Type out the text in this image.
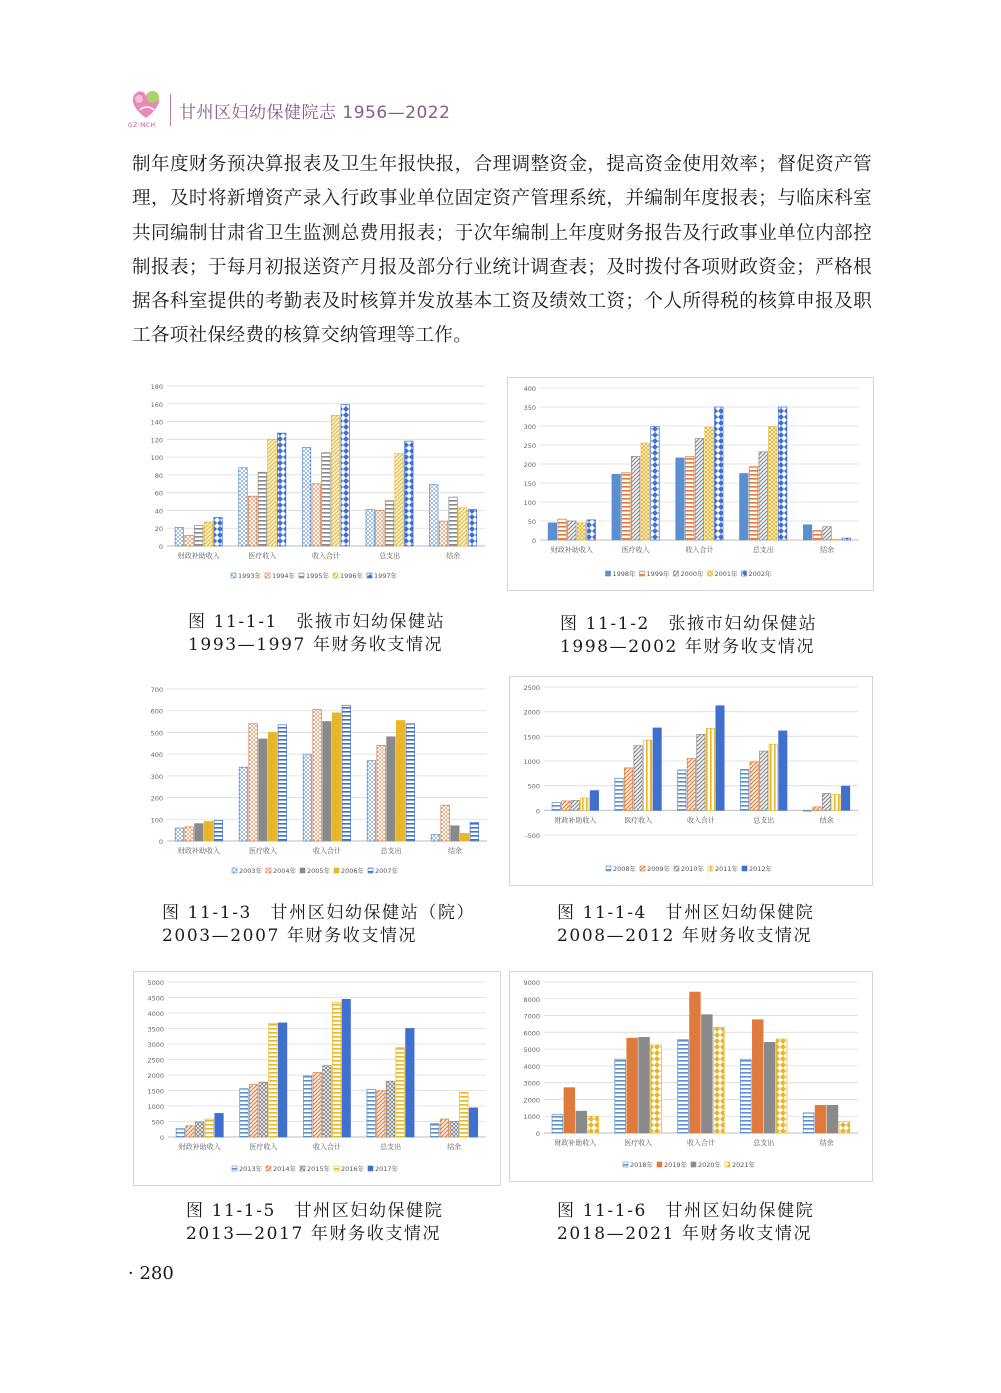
GZ·MCH
甘州区妇幼保健院志 1956—2022

制年度财务预决算报表及卫生年报快报，合理调整资金，提高资金使用效率；督促资产管理，及时将新增资产录入行政事业单位固定资产管理系统，并编制年度报表；与临床科室共同编制甘肃省卫生监测总费用报表；于次年编制上年度财务报告及行政事业单位内部控制报表；于每月初报送资产月报及部分行业统计调查表；及时拨付各项财政资金；严格根据各科室提供的考勤表及时核算并发放基本工资及绩效工资；个人所得税的核算申报及职工各项社保经费的核算交纳管理等工作。

0
20
40
60
80
100
120
140
160
180
财政补助收入	医疗收入	收入合计	总支出	结余
1993年 1994年 1995年 1996年 1997年
0
50
100
150
200
250
300
350
400
财政补助收入	医疗收入	收入合计	总支出	结余
1998年 1999年 2000年 2001年 2002年
0
100
200
300
400
500
600
700
财政补助收入	医疗收入	收入合计	总支出	结余
2003年 2004年 2005年 2006年 2007年
-500
0
500
1000
1500
2000
2500
财政补助收入	医疗收入	收入合计	总支出	结余
2008年 2009年 2010年 2011年 2012年
0
500
1000
1500
2000
2500
3000
3500
4000
4500
5000
财政补助收入	医疗收入	收入合计	总支出	结余
2013年 2014年 2015年 2016年 2017年
0
1000
2000
3000
4000
5000
6000
7000
8000
9000
财政补助收入	医疗收入	收入合计	总支出	结余
2018年 2019年 2020年 2021年
图 11-1-1　张掖市妇幼保健站
1993—1997 年财务收支情况
图 11-1-2　张掖市妇幼保健站
1998—2002 年财务收支情况
图 11-1-3　甘州区妇幼保健站（院）
2003—2007 年财务收支情况
图 11-1-4　甘州区妇幼保健院
2008—2012 年财务收支情况
图 11-1-5　甘州区妇幼保健院
2013—2017 年财务收支情况
图 11-1-6　甘州区妇幼保健院
2018—2021 年财务收支情况
· 280
